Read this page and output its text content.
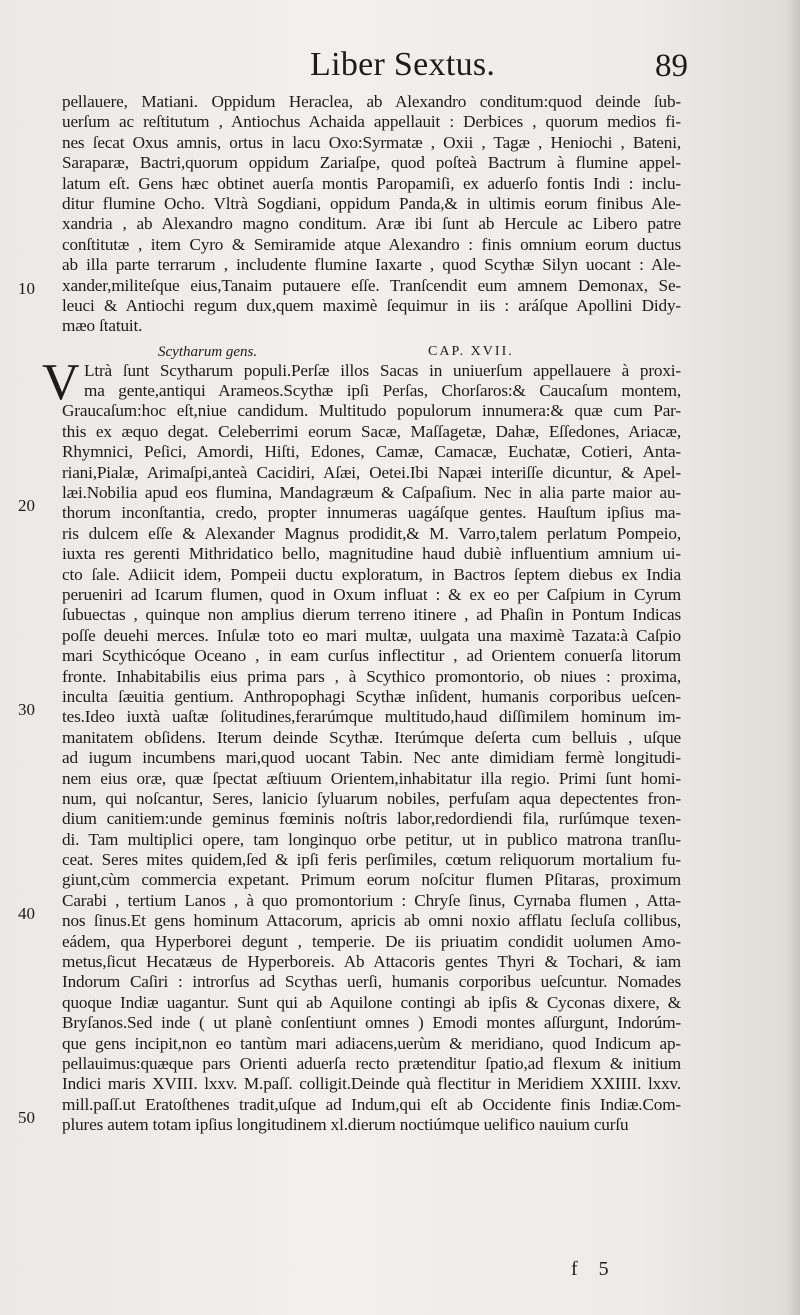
Liber Sextus.	89
10
20
30
40
50
pellauere, Matiani. Oppidum Heraclea, ab Alexandro conditum:quod deinde ſub-
uerſum ac reſtitutum , Antiochus Achaida appellauit : Derbices , quorum medios fi-
nes ſecat Oxus amnis, ortus in lacu Oxo:Syrmatæ , Oxii , Tagæ , Heniochi , Bateni,
Saraparæ, Bactri,quorum oppidum Zariaſpe, quod poſteà Bactrum à flumine appel-
latum eſt. Gens hæc obtinet auerſa montis Paropamiſi, ex aduerſo fontis Indi : inclu-
ditur flumine Ocho. Vltrà Sogdiani, oppidum Panda,& in ultimis eorum finibus Ale-
xandria , ab Alexandro magno conditum. Aræ ibi ſunt ab Hercule ac Libero patre
conſtitutæ , item Cyro & Semiramide atque Alexandro : finis omnium eorum ductus
ab illa parte terrarum , includente flumine Iaxarte , quod Scythæ Silyn uocant : Ale-
xander,militeſque eius,Tanaim putauere eſſe. Tranſcendit eum amnem Demonax, Se-
leuci & Antiochi regum dux,quem maximè ſequimur in iis : aráſque Apollini Didy-
mæo ſtatuit.
Scytharum gens.	CAP. XVII.
V Ltrà ſunt Scytharum populi.Perſæ illos Sacas in uniuerſum appellauere à proxi-
ma gente,antiqui Arameos.Scythæ ipſi Perſas, Chorſaros:& Caucaſum montem,
Graucaſum:hoc eſt,niue candidum. Multitudo populorum innumera:& quæ cum Par-
this ex æquo degat. Celeberrimi eorum Sacæ, Maſſagetæ, Dahæ, Eſſedones, Ariacæ,
Rhymnici, Peſici, Amordi, Hiſti, Edones, Camæ, Camacæ, Euchatæ, Cotieri, Anta-
riani,Pialæ, Arimaſpi,anteà Cacidiri, Aſæi, Oetei.Ibi Napæi interiſſe dicuntur, & Apel-
læi.Nobilia apud eos flumina, Mandagræum & Caſpaſium. Nec in alia parte maior au-
thorum inconſtantia, credo, propter innumeras uagáſque gentes. Hauſtum ipſius ma-
ris dulcem eſſe & Alexander Magnus prodidit,& M. Varro,talem perlatum Pompeio,
iuxta res gerenti Mithridatico bello, magnitudine haud dubiè influentium amnium ui-
cto ſale. Adiicit idem, Pompeii ductu exploratum, in Bactros ſeptem diebus ex India
perueniri ad Icarum flumen, quod in Oxum influat : & ex eo per Caſpium in Cyrum
ſubuectas , quinque non amplius dierum terreno itinere , ad Phaſin in Pontum Indicas
poſſe deuehi merces. Inſulæ toto eo mari multæ, uulgata una maximè Tazata:à Caſpio
mari Scythicóque Oceano , in eam curſus inflectitur , ad Orientem conuerſa litorum
fronte. Inhabitabilis eius prima pars , à Scythico promontorio, ob niues : proxima,
inculta ſæuitia gentium. Anthropophagi Scythæ inſident, humanis corporibus ueſcen-
tes.Ideo iuxtà uaſtæ ſolitudines,ferarúmque multitudo,haud diſſimilem hominum im-
manitatem obſidens. Iterum deinde Scythæ. Iterúmque deſerta cum belluis , uſque
ad iugum incumbens mari,quod uocant Tabin. Nec ante dimidiam fermè longitudi-
nem eius oræ, quæ ſpectat æſtiuum Orientem,inhabitatur illa regio. Primi ſunt homi-
num, qui noſcantur, Seres, lanicio ſyluarum nobiles, perfuſam aqua depectentes fron-
dium canitiem:unde geminus fœminis noſtris labor,redordiendi fila, rurſúmque texen-
di. Tam multiplici opere, tam longinquo orbe petitur, ut in publico matrona tranſlu-
ceat. Seres mites quidem,ſed & ipſi feris perſimiles, cœtum reliquorum mortalium fu-
giunt,cùm commercia expetant. Primum eorum noſcitur flumen Pſitaras, proximum
Carabi , tertium Lanos , à quo promontorium : Chryſe ſinus, Cyrnaba flumen , Atta-
nos ſinus.Et gens hominum Attacorum, apricis ab omni noxio afflatu ſecluſa collibus,
eádem, qua Hyperborei degunt , temperie. De iis priuatim condidit uolumen Amo-
metus,ſicut Hecatæus de Hyperboreis. Ab Attacoris gentes Thyri & Tochari, & iam
Indorum Caſiri : introrſus ad Scythas uerſi, humanis corporibus ueſcuntur. Nomades
quoque Indiæ uagantur. Sunt qui ab Aquilone contingi ab ipſis & Cyconas dixere, &
Bryſanos.Sed inde ( ut planè conſentiunt omnes ) Emodi montes aſſurgunt, Indorúm-
que gens incipit,non eo tantùm mari adiacens,uerùm & meridiano, quod Indicum ap-
pellauimus:quæque pars Orienti aduerſa recto prætenditur ſpatio,ad flexum & initium
Indici maris XVIII. lxxv. M.paſſ. colligit.Deinde quà flectitur in Meridiem XXIIII. lxxv.
mill.paſſ.ut Eratoſthenes tradit,uſque ad Indum,qui eſt ab Occidente finis Indiæ.Com-
plures autem totam ipſius longitudinem xl.dierum noctiúmque uelifico nauium curſu
f 5
